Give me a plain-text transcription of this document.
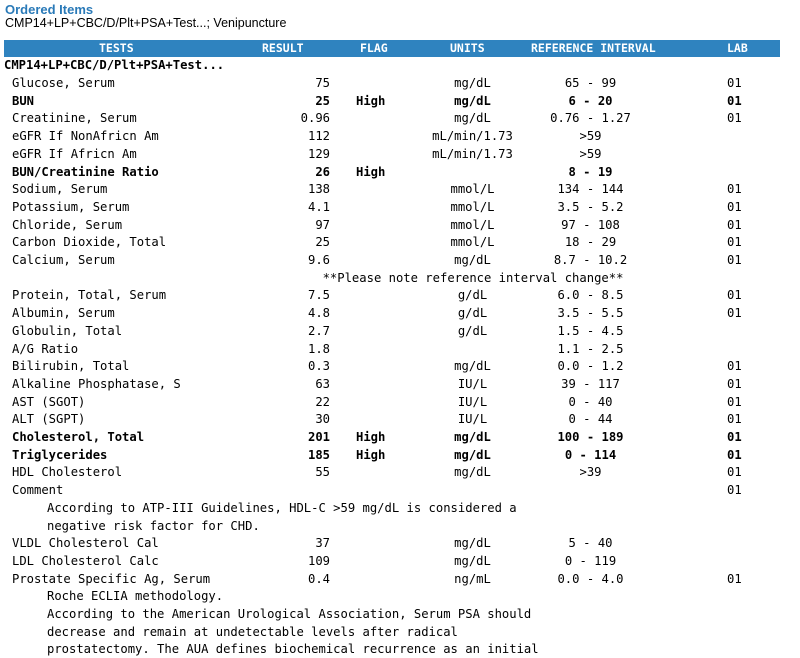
Ordered Items
CMP14+LP+CBC/D/Plt+PSA+Test...; Venipuncture
TESTS	RESULT	FLAG	UNITS	REFERENCE INTERVAL	LAB
CMP14+LP+CBC/D/Plt+PSA+Test...
Glucose, Serum	75	mg/dL	65 - 99	01
BUN	25 High	mg/dL	6 - 20	01
Creatinine, Serum	0.96	mg/dL	0.76 - 1.27	01
eGFR If NonAfricn Am	112	mL/min/1.73	>59
eGFR If Africn Am	129	mL/min/1.73	>59
BUN/Creatinine Ratio	26 High	8 - 19
Sodium, Serum	138	mmol/L	134 - 144	01
Potassium, Serum	4.1	mmol/L	3.5 - 5.2	01
Chloride, Serum	97	mmol/L	97 - 108	01
Carbon Dioxide, Total	25	mmol/L	18 - 29	01
Calcium, Serum	9.6	mg/dL	8.7 - 10.2	01
**Please note reference interval change**
Protein, Total, Serum	7.5	g/dL	6.0 - 8.5	01
Albumin, Serum	4.8	g/dL	3.5 - 5.5	01
Globulin, Total	2.7	g/dL	1.5 - 4.5
A/G Ratio	1.8	1.1 - 2.5
Bilirubin, Total	0.3	mg/dL	0.0 - 1.2	01
Alkaline Phosphatase, S	63	IU/L	39 - 117	01
AST (SGOT)	22	IU/L	0 - 40	01
ALT (SGPT)	30	IU/L	0 - 44	01
Cholesterol, Total	201 High	mg/dL	100 - 189	01
Triglycerides	185 High	mg/dL	0 - 114	01
HDL Cholesterol	55	mg/dL	>39	01
Comment	01
According to ATP-III Guidelines, HDL-C >59 mg/dL is considered a
negative risk factor for CHD.
VLDL Cholesterol Cal	37	mg/dL	5 - 40
LDL Cholesterol Calc	109	mg/dL	0 - 119
Prostate Specific Ag, Serum	0.4	ng/mL	0.0 - 4.0	01
Roche ECLIA methodology.
According to the American Urological Association, Serum PSA should
decrease and remain at undetectable levels after radical
prostatectomy. The AUA defines biochemical recurrence as an initial
